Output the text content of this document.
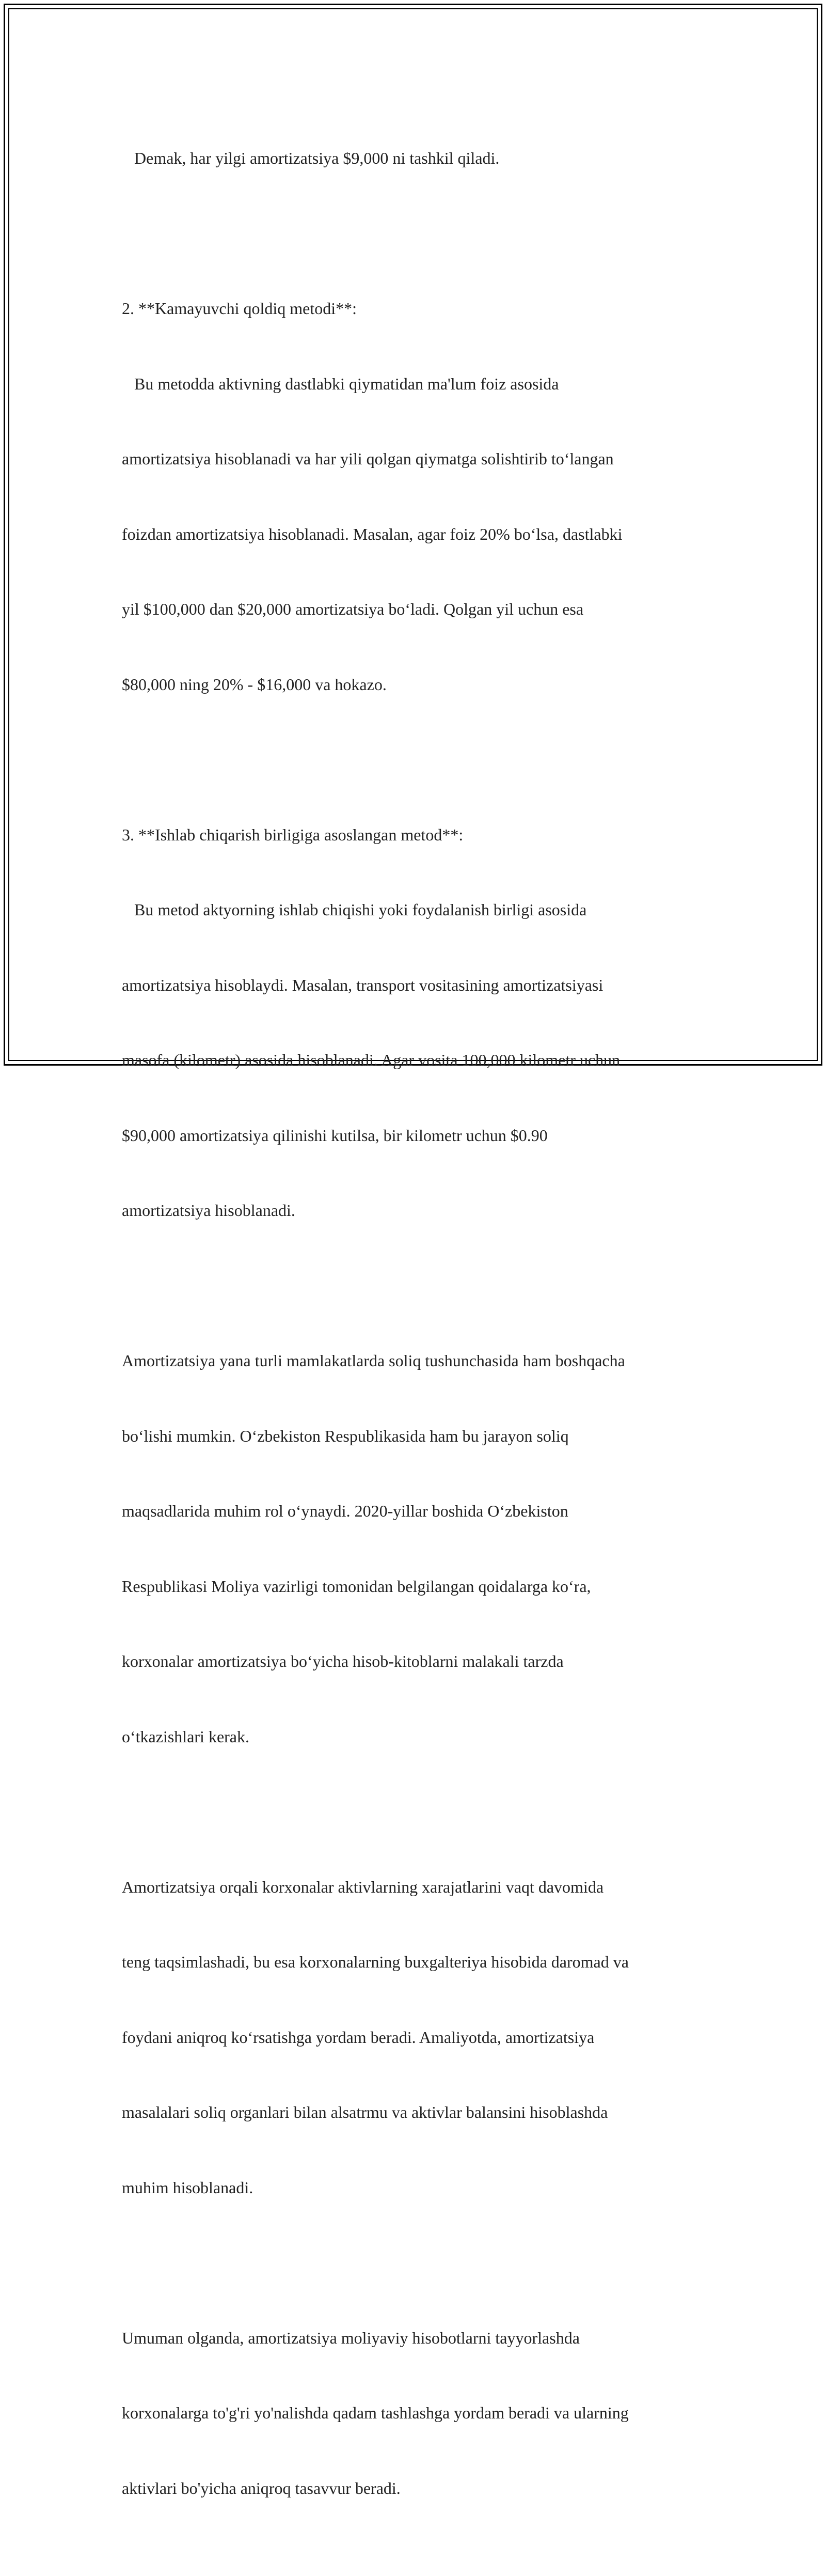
Demak, har yilgi amortizatsiya $9,000 ni tashkil qiladi.

2. **Kamayuvchi qoldiq metodi**:

Bu metodda aktivning dastlabki qiymatidan ma'lum foiz asosida

amortizatsiya hisoblanadi va har yili qolgan qiymatga solishtirib to‘langan

foizdan amortizatsiya hisoblanadi. Masalan, agar foiz 20% bo‘lsa, dastlabki

yil $100,000 dan $20,000 amortizatsiya bo‘ladi. Qolgan yil uchun esa

$80,000 ning 20% - $16,000 va hokazo.

3. **Ishlab chiqarish birligiga asoslangan metod**:

Bu metod aktyorning ishlab chiqishi yoki foydalanish birligi asosida

amortizatsiya hisoblaydi. Masalan, transport vositasining amortizatsiyasi

masofa (kilometr) asosida hisoblanadi. Agar vosita 100,000 kilometr uchun

$90,000 amortizatsiya qilinishi kutilsa, bir kilometr uchun $0.90

amortizatsiya hisoblanadi.

Amortizatsiya yana turli mamlakatlarda soliq tushunchasida ham boshqacha

bo‘lishi mumkin. O‘zbekiston Respublikasida ham bu jarayon soliq

maqsadlarida muhim rol o‘ynaydi. 2020-yillar boshida O‘zbekiston

Respublikasi Moliya vazirligi tomonidan belgilangan qoidalarga ko‘ra,

korxonalar amortizatsiya bo‘yicha hisob-kitoblarni malakali tarzda

o‘tkazishlari kerak.

Amortizatsiya orqali korxonalar aktivlarning xarajatlarini vaqt davomida

teng taqsimlashadi, bu esa korxonalarning buxgalteriya hisobida daromad va

foydani aniqroq ko‘rsatishga yordam beradi. Amaliyotda, amortizatsiya

masalalari soliq organlari bilan alsatrmu va aktivlar balansini hisoblashda

muhim hisoblanadi.

Umuman olganda, amortizatsiya moliyaviy hisobotlarni tayyorlashda

korxonalarga to'g'ri yo'nalishda qadam tashlashga yordam beradi va ularning

aktivlari bo'yicha aniqroq tasavvur beradi.
